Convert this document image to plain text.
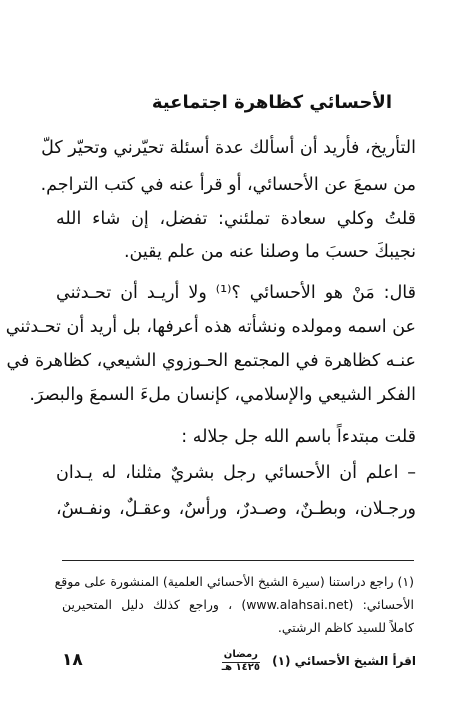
الأحسائي كظاهرة اجتماعية
التأريخ، فأريد أن أسألك عدة أسئلة تحيّرني وتحيّر كلّ
من سمعَ عن الأحسائي، أو قرأ عنه في كتب التراجم.
قلتُ وكلي سعادة تملئني: تفضل، إن شاء الله
نجيبكَ حسبَ ما وصلنا عنه من علم يقين.
قال: مَنْ هو الأحسائي ؟⁽¹⁾ ولا أريـد أن تحـدثني
عن اسمه ومولده ونشأته هذه أعرفها، بل أريد أن تحـدثني
عنـه كظاهرة في المجتمع الحـوزوي الشيعي، كظاهرة في
الفكر الشيعي والإسلامي، كإنسان ملءَ السمعَ والبصرَ.
قلت مبتدءاً باسم الله جل جلاله :
– اعلم أن الأحسائي رجل بشريٌ مثلنا، له يـدان
ورجـلان، وبطـنٌ، وصـدرٌ، ورأسٌ، وعقـلٌ، ونفـسٌ،
(١) راجع دراستنا (سيرة الشيخ الأحسائي العلمية) المنشورة على موقع
الأحسائي: (www.alahsai.net) ، وراجع كذلك دليل المتحيرين
كاملاً للسيد كاظم الرشتي.
اقرأ الشيخ الأحسائي (١)
رمضان
١٤٢٥ هـ
١٨
